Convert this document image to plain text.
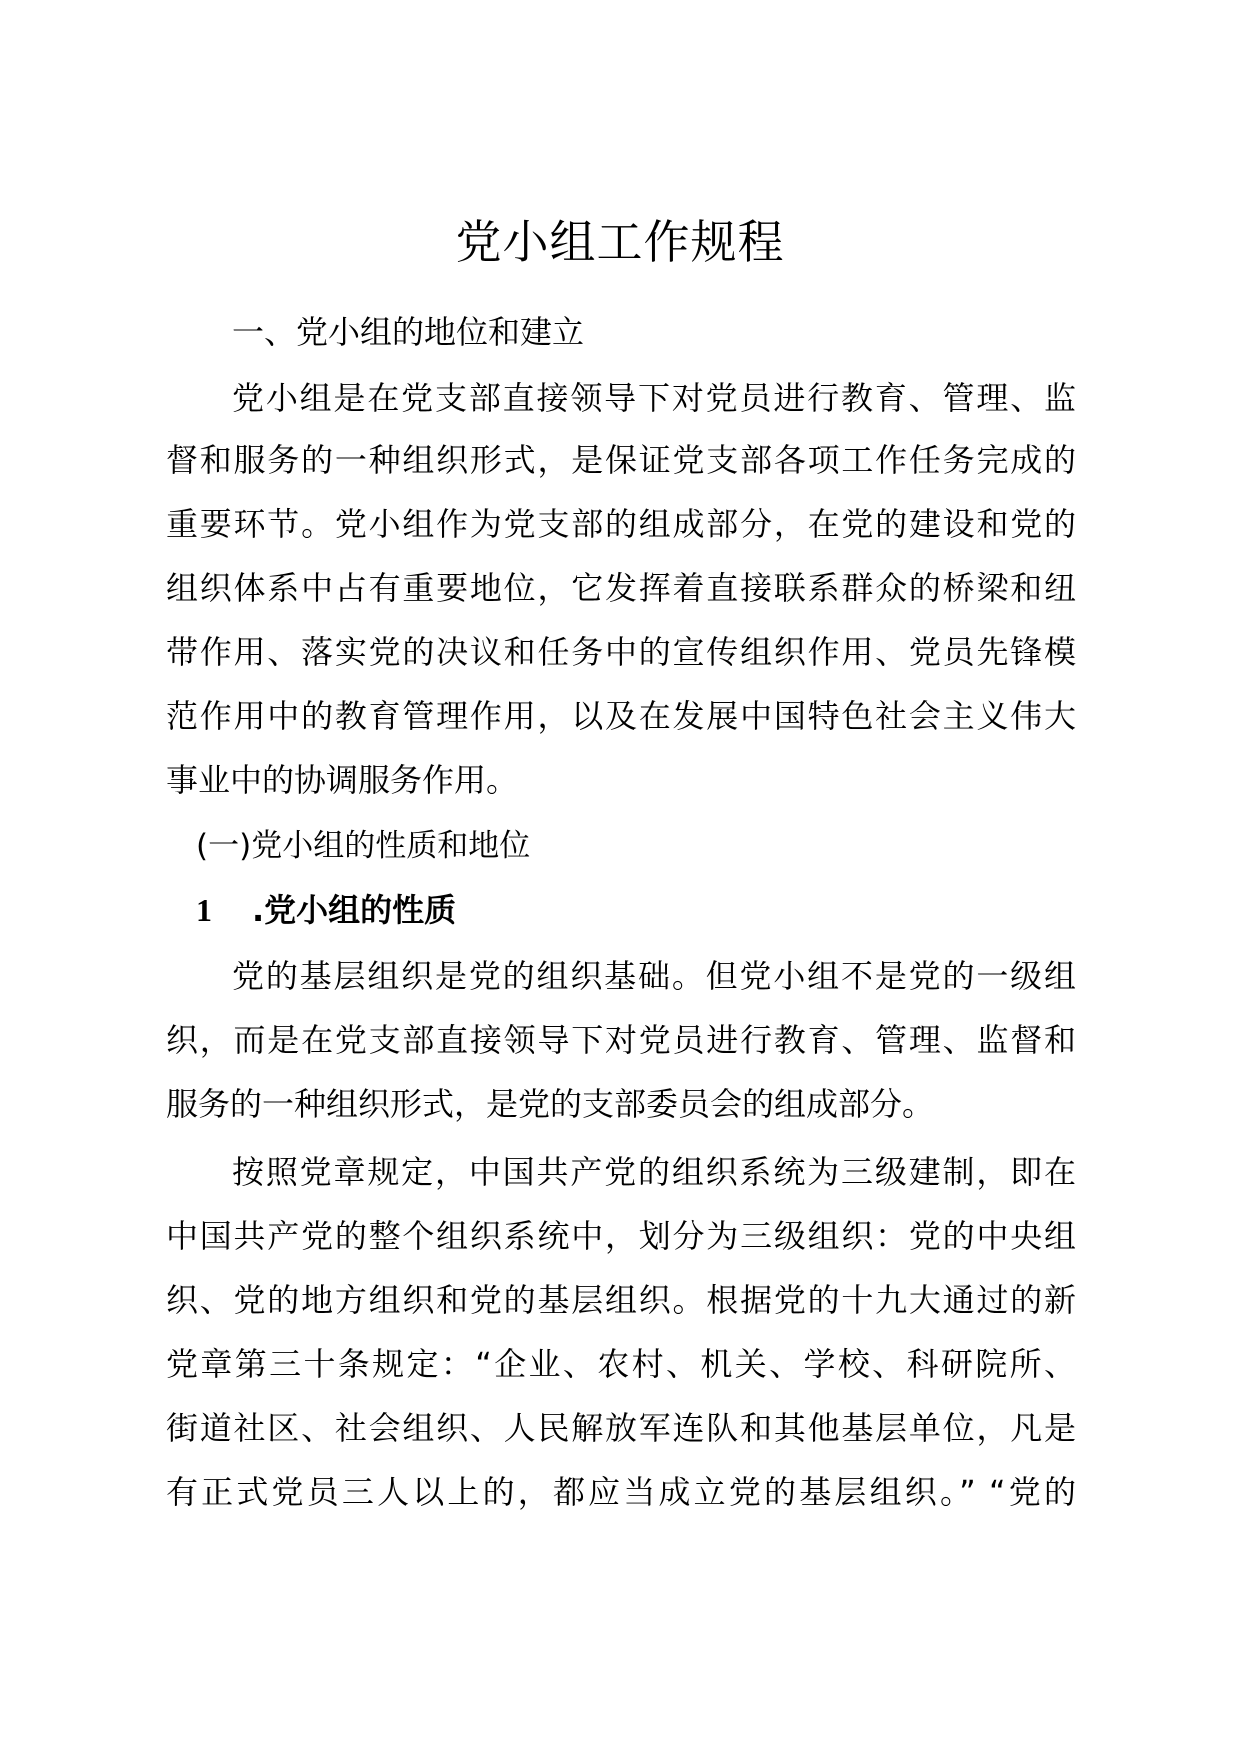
党小组工作规程
一、党小组的地位和建立
党小组是在党支部直接领导下对党员进行教育、管理、监
督和服务的一种组织形式，是保证党支部各项工作任务完成的
重要环节。党小组作为党支部的组成部分，在党的建设和党的
组织体系中占有重要地位，它发挥着直接联系群众的桥梁和纽
带作用、落实党的决议和任务中的宣传组织作用、党员先锋模
范作用中的教育管理作用，以及在发展中国特色社会主义伟大
事业中的协调服务作用。
(一)党小组的性质和地位
1 .党小组的性质
党的基层组织是党的组织基础。但党小组不是党的一级组
织，而是在党支部直接领导下对党员进行教育、管理、监督和
服务的一种组织形式，是党的支部委员会的组成部分。
按照党章规定，中国共产党的组织系统为三级建制，即在
中国共产党的整个组织系统中，划分为三级组织：党的中央组
织、党的地方组织和党的基层组织。根据党的十九大通过的新
党章第三十条规定：“企业、农村、机关、学校、科研院所、
街道社区、社会组织、人民解放军连队和其他基层单位，凡是
有正式党员三人以上的，都应当成立党的基层组织。” “党的
